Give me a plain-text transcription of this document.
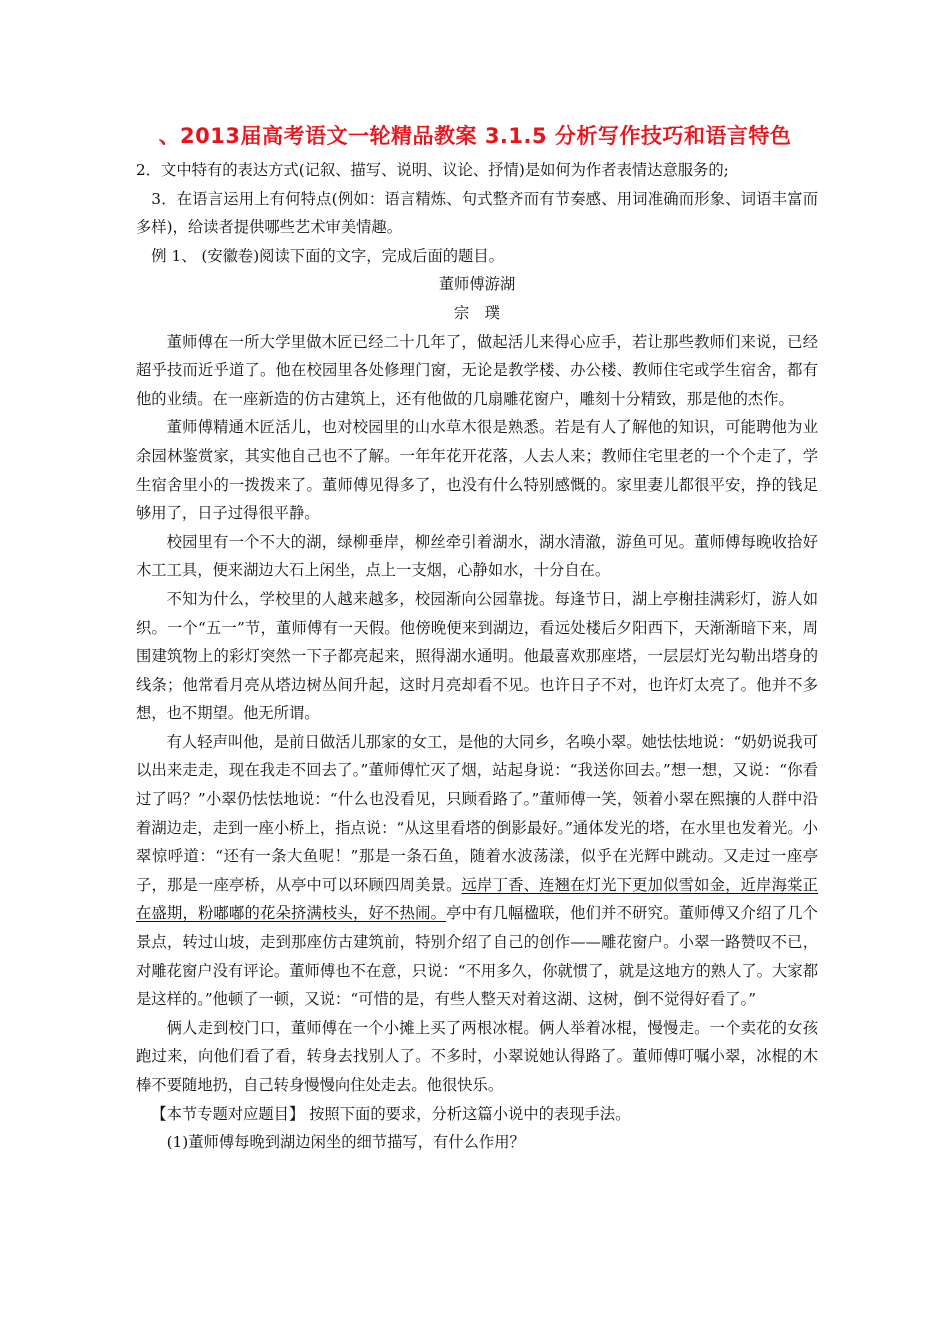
、2013届高考语文一轮精品教案 3.1.5 分析写作技巧和语言特色

2．文中特有的表达方式(记叙、描写、说明、议论、抒情)是如何为作者表情达意服务的;

3．在语言运用上有何特点(例如：语言精炼、句式整齐而有节奏感、用词准确而形象、词语丰富而多样)，给读者提供哪些艺术审美情趣。

例 1、 (安徽卷)阅读下面的文字，完成后面的题目。

董师傅游湖

宗　璞

董师傅在一所大学里做木匠已经二十几年了，做起活儿来得心应手，若让那些教师们来说，已经超乎技而近乎道了。他在校园里各处修理门窗，无论是教学楼、办公楼、教师住宅或学生宿舍，都有他的业绩。在一座新造的仿古建筑上，还有他做的几扇雕花窗户，雕刻十分精致，那是他的杰作。

董师傅精通木匠活儿，也对校园里的山水草木很是熟悉。若是有人了解他的知识，可能聘他为业余园林鉴赏家，其实他自己也不了解。一年年花开花落，人去人来；教师住宅里老的一个个走了，学生宿舍里小的一拨拨来了。董师傅见得多了，也没有什么特别感慨的。家里妻儿都很平安，挣的钱足够用了，日子过得很平静。

校园里有一个不大的湖，绿柳垂岸，柳丝牵引着湖水，湖水清澈，游鱼可见。董师傅每晚收拾好木工工具，便来湖边大石上闲坐，点上一支烟，心静如水，十分自在。

不知为什么，学校里的人越来越多，校园渐向公园靠拢。每逢节日，湖上亭榭挂满彩灯，游人如织。一个“五一”节，董师傅有一天假。他傍晚便来到湖边，看远处楼后夕阳西下，天渐渐暗下来，周围建筑物上的彩灯突然一下子都亮起来，照得湖水通明。他最喜欢那座塔，一层层灯光勾勒出塔身的线条；他常看月亮从塔边树丛间升起，这时月亮却看不见。也许日子不对，也许灯太亮了。他并不多想，也不期望。他无所谓。

有人轻声叫他，是前日做活儿那家的女工，是他的大同乡，名唤小翠。她怯怯地说：“奶奶说我可以出来走走，现在我走不回去了。”董师傅忙灭了烟，站起身说：“我送你回去。”想一想，又说：“你看过了吗？”小翠仍怯怯地说：“什么也没看见，只顾看路了。”董师傅一笑，领着小翠在熙攘的人群中沿着湖边走，走到一座小桥上，指点说：“从这里看塔的倒影最好。”通体发光的塔，在水里也发着光。小翠惊呼道：“还有一条大鱼呢！”那是一条石鱼，随着水波荡漾，似乎在光辉中跳动。又走过一座亭子，那是一座亭桥，从亭中可以环顾四周美景。远岸丁香、连翘在灯光下更加似雪如金，近岸海棠正在盛期，粉嘟嘟的花朵挤满枝头，好不热闹。亭中有几幅楹联，他们并不研究。董师傅又介绍了几个景点，转过山坡，走到那座仿古建筑前，特别介绍了自己的创作——雕花窗户。小翠一路赞叹不已，对雕花窗户没有评论。董师傅也不在意，只说：“不用多久，你就惯了，就是这地方的熟人了。大家都是这样的。”他顿了一顿，又说：“可惜的是，有些人整天对着这湖、这树，倒不觉得好看了。”

俩人走到校门口，董师傅在一个小摊上买了两根冰棍。俩人举着冰棍，慢慢走。一个卖花的女孩跑过来，向他们看了看，转身去找别人了。不多时，小翠说她认得路了。董师傅叮嘱小翠，冰棍的木棒不要随地扔，自己转身慢慢向住处走去。他很快乐。

【本节专题对应题目】 按照下面的要求，分析这篇小说中的表现手法。

(1)董师傅每晚到湖边闲坐的细节描写，有什么作用？
